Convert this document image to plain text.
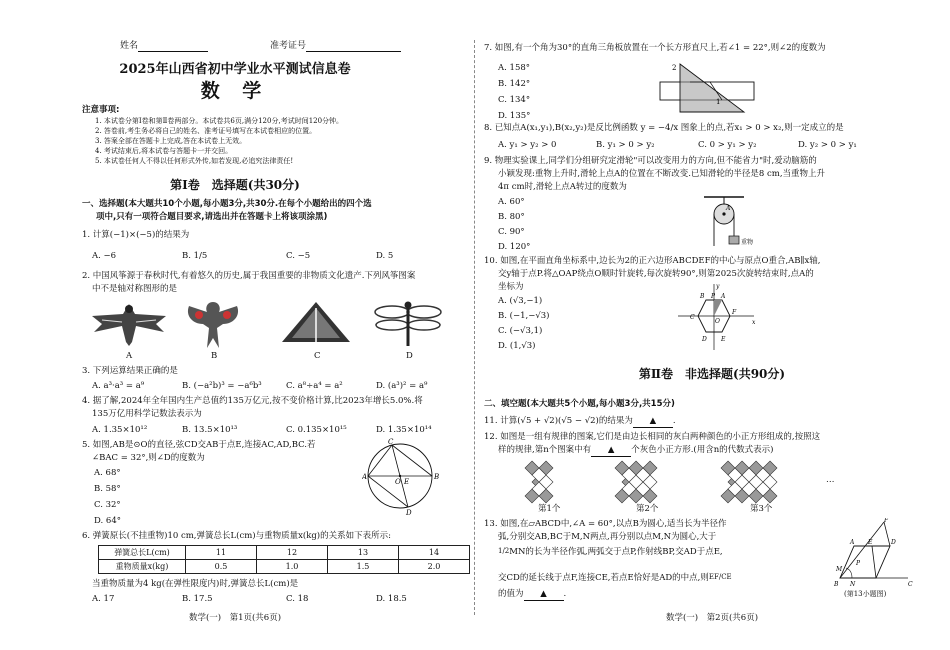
姓名	准考证号
2025年山西省初中学业水平测试信息卷
数 学
注意事项:
1. 本试卷分第Ⅰ卷和第Ⅱ卷两部分。本试卷共6页,满分120分,考试时间120分钟。
2. 答卷前,考生务必将自己的姓名、准考证号填写在本试卷相应的位置。
3. 答案全部在答题卡上完成,答在本试卷上无效。
4. 考试结束后,将本试卷与答题卡一并交回。
5. 本试卷任何人不得以任何形式外传,如若发现,必追究法律责任!
第Ⅰ卷　选择题(共30分)
一、选择题(本大题共10个小题,每小题3分,共30分.在每个小题给出的四个选
项中,只有一项符合题目要求,请选出并在答题卡上将该项涂黑)
1. 计算(−1)×(−5)的结果为
A. −6	B. 1/5	C. −5	D. 5
2. 中国风筝源于春秋时代,有着悠久的历史,属于我国重要的非物质文化遗产.下列风筝图案
中不是轴对称图形的是
A	B	C	D
3. 下列运算结果正确的是
A. a³·a³ = a⁹	B. (−a²b)³ = −a⁶b³	C. a⁸÷a⁴ = a²	D. (a³)² = a⁹
4. 据了解,2024年全年国内生产总值约135万亿元,按不变价格计算,比2023年增长5.0%.将
135万亿用科学记数法表示为
A. 1.35×10¹²	B. 13.5×10¹³	C. 0.135×10¹⁵	D. 1.35×10¹⁴
5. 如图,AB是⊙O的直径,弦CD交AB于点E,连接AC,AD,BC.若
∠BAC = 32°,则∠D的度数为
A. 68°
B. 58°
C. 32°
D. 64°
C
A
O E
B
D
6. 弹簧原长(不挂重物)10 cm,弹簧总长L(cm)与重物质量x(kg)的关系如下表所示:
弹簧总长L(cm)	11	12	13	14
重物质量x(kg)	0.5	1.0	1.5	2.0
当重物质量为4 kg(在弹性限度内)时,弹簧总长L(cm)是
A. 17	B. 17.5	C. 18	D. 18.5
数学(一)　第1页(共6页)
7. 如图,有一个角为30°的直角三角板放置在一个长方形直尺上,若∠1 = 22°,则∠2的度数为
A. 158°
B. 142°
C. 134°
D. 135°
2
1
8. 已知点A(x₁,y₁),B(x₂,y₂)是反比例函数 y = −4/x 图象上的点,若x₁ > 0 > x₂,则一定成立的是
A. y₁ > y₂ > 0	B. y₁ > 0 > y₂	C. 0 > y₁ > y₂	D. y₂ > 0 > y₁
9. 物理实验课上,同学们分组研究定滑轮"可以改变用力的方向,但不能省力"时,爱动脑筋的
小颖发现:重物上升时,滑轮上点A的位置在不断改变.已知滑轮的半径是8 cm,当重物上升
4π cm时,滑轮上点A转过的度数为
A. 60°
B. 80°
C. 90°
D. 120°
A
重物
10. 如图,在平面直角坐标系中,边长为2的正六边形ABCDEF的中心与原点O重合,AB∥x轴,
交y轴于点P.将△OAP绕点O顺时针旋转,每次旋转90°,则第2025次旋转结束时,点A的
坐标为
A. (√3,−1)
B. (−1,−√3)
C. (−√3,1)
D. (1,√3)
y
B P A
C
O
F
x
D E
第Ⅱ卷　非选择题(共90分)
二、填空题(本大题共5个小题,每小题3分,共15分)
11. 计算(√5 + √2)(√5 − √2)的结果为 ▲ .
12. 如图是一组有规律的图案,它们是由边长相同的灰白两种颜色的小正方形组成的,按照这
样的规律,第n个图案中有 ▲ 个灰色小正方形.(用含n的代数式表示)
第1个	第2个	第3个
…
13. 如图,在▱ABCD中,∠A = 60°,以点B为圆心,适当长为半径作
弧,分别交AB,BC于M,N两点,再分别以点M,N为圆心,大于
1/2MN的长为半径作弧,两弧交于点P,作射线BP,交AD于点E,
交CD的延长线于点F,连接CE,若点E恰好是AD的中点,则EF/CE
的值为 ▲ .
F
A E	D
P
M
B N	C
(第13小题图)
数学(一)　第2页(共6页)
